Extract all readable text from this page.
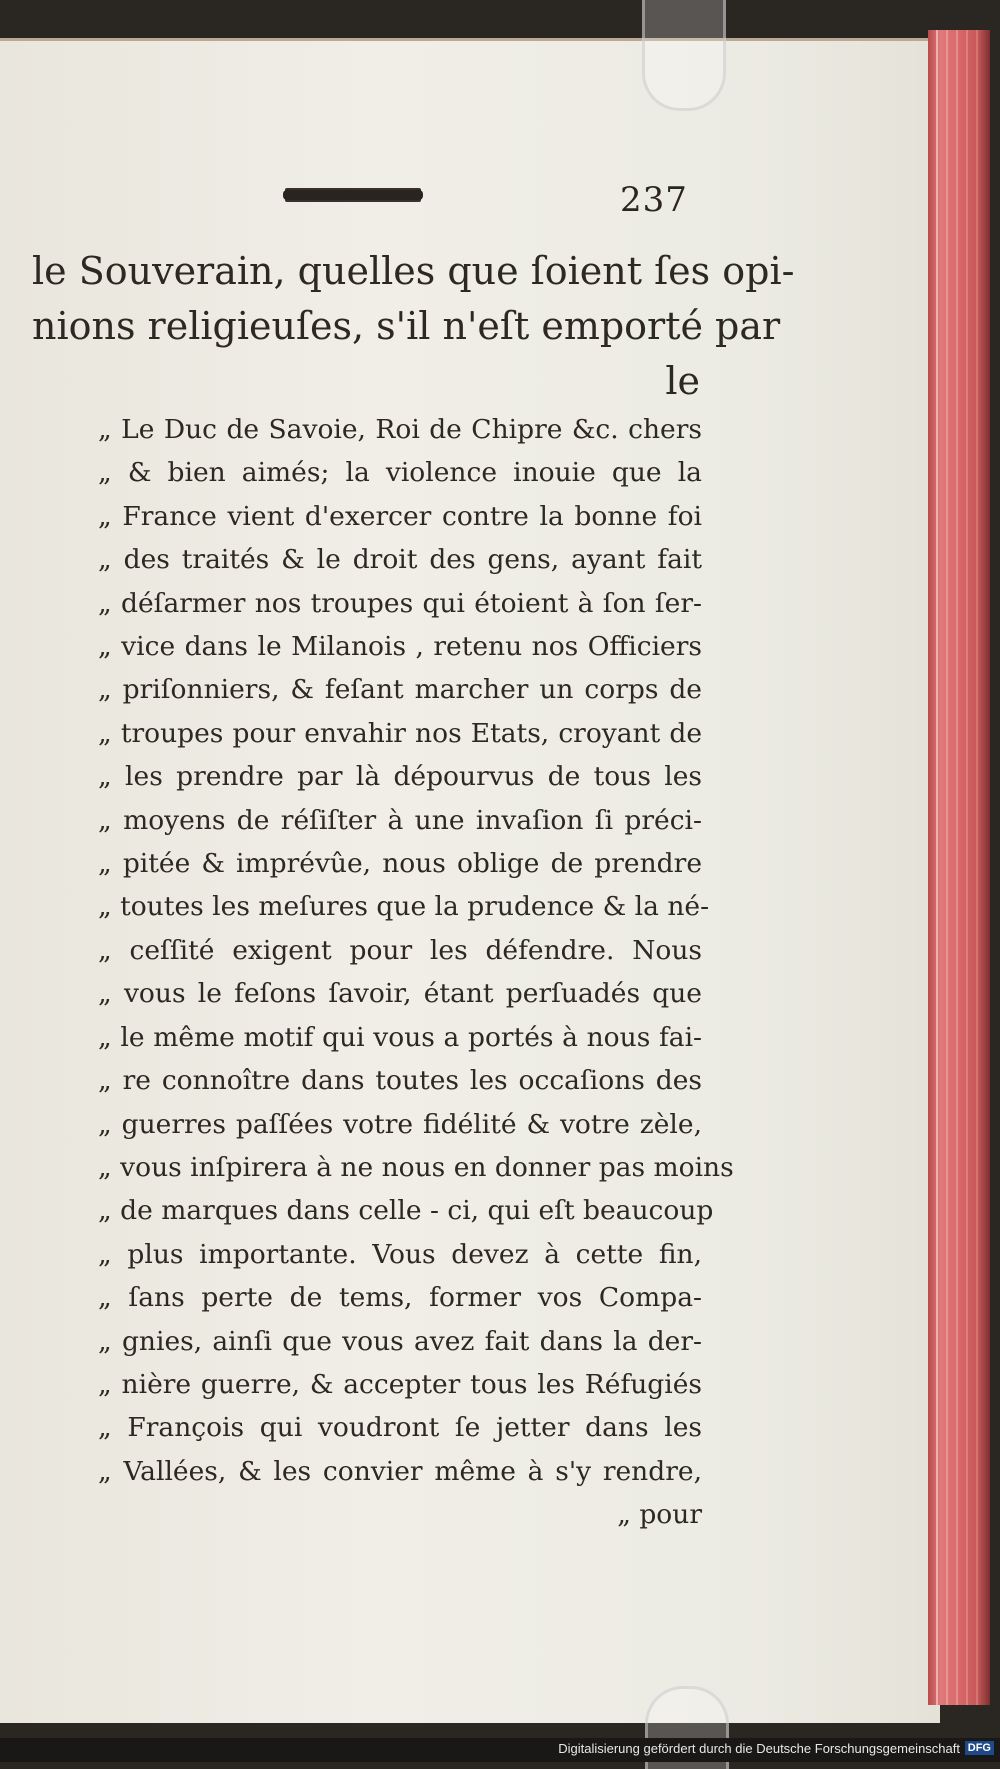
237
le Souverain, quelles que ſoient ſes opi-
nions religieuſes, s'il n'eſt emporté par
le
„ Le Duc de Savoie, Roi de Chipre &c. chers
„ & bien aimés; la violence inouie que la
„ France vient d'exercer contre la bonne foi
„ des traités & le droit des gens, ayant fait
„ déſarmer nos troupes qui étoient à ſon ſer-
„ vice dans le Milanois , retenu nos Officiers
„ priſonniers, & feſant marcher un corps de
„ troupes pour envahir nos Etats, croyant de
„ les prendre par là dépourvus de tous les
„ moyens de réſiſter à une invaſion ſi préci-
„ pitée & imprévûe, nous oblige de prendre
„ toutes les meſures que la prudence & la né-
„ ceſſité exigent pour les défendre. Nous
„ vous le feſons ſavoir, étant perſuadés que
„ le même motif qui vous a portés à nous fai-
„ re connoître dans toutes les occaſions des
„ guerres paſſées votre fidélité & votre zèle,
„ vous inſpirera à ne nous en donner pas moins
„ de marques dans celle - ci, qui eſt beaucoup
„ plus importante. Vous devez à cette fin,
„ ſans perte de tems, former vos Compa-
„ gnies, ainſi que vous avez fait dans la der-
„ nière guerre, & accepter tous les Réfugiés
„ François qui voudront ſe jetter dans les
„ Vallées, & les convier même à s'y rendre,
„ pour
Digitalisierung gefördert durch die Deutsche Forschungsgemeinschaft DFG
